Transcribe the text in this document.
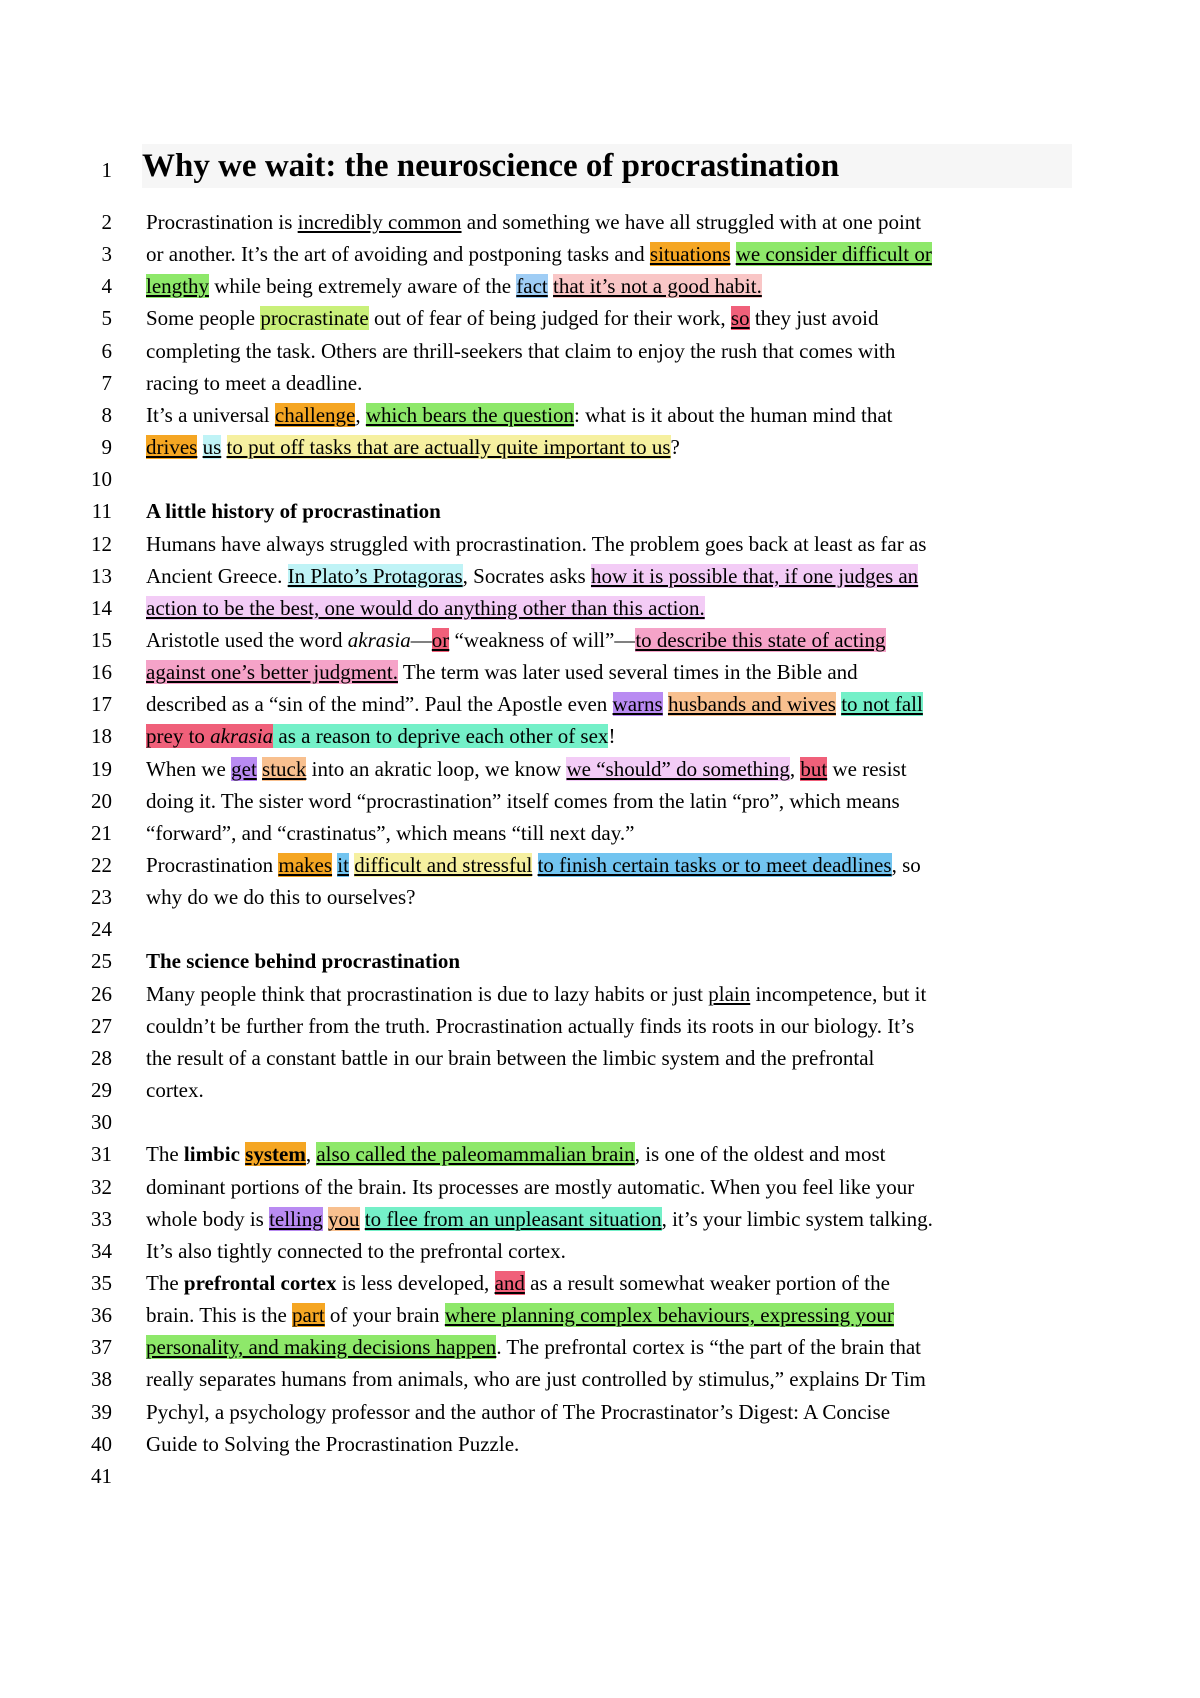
1 Why we wait: the neuroscience of procrastination
2 Procrastination is incredibly common and something we have all struggled with at one point
3 or another. It’s the art of avoiding and postponing tasks and situations we consider difficult or
4 lengthy while being extremely aware of the fact that it’s not a good habit.
5 Some people procrastinate out of fear of being judged for their work, so they just avoid
6 completing the task. Others are thrill-seekers that claim to enjoy the rush that comes with
7 racing to meet a deadline.
8 It’s a universal challenge, which bears the question: what is it about the human mind that
9 drives us to put off tasks that are actually quite important to us?
10
11 A little history of procrastination
12 Humans have always struggled with procrastination. The problem goes back at least as far as
13 Ancient Greece. In Plato’s Protagoras, Socrates asks how it is possible that, if one judges an
14 action to be the best, one would do anything other than this action.
15 Aristotle used the word akrasia—or “weakness of will”—to describe this state of acting
16 against one’s better judgment. The term was later used several times in the Bible and
17 described as a “sin of the mind”. Paul the Apostle even warns husbands and wives to not fall
18 prey to akrasia as a reason to deprive each other of sex!
19 When we get stuck into an akratic loop, we know we “should” do something, but we resist
20 doing it. The sister word “procrastination” itself comes from the latin “pro”, which means
21 “forward”, and “crastinatus”, which means “till next day.”
22 Procrastination makes it difficult and stressful to finish certain tasks or to meet deadlines, so
23 why do we do this to ourselves?
24
25 The science behind procrastination
26 Many people think that procrastination is due to lazy habits or just plain incompetence, but it
27 couldn’t be further from the truth. Procrastination actually finds its roots in our biology. It’s
28 the result of a constant battle in our brain between the limbic system and the prefrontal
29 cortex.
30
31 The limbic system, also called the paleomammalian brain, is one of the oldest and most
32 dominant portions of the brain. Its processes are mostly automatic. When you feel like your
33 whole body is telling you to flee from an unpleasant situation, it’s your limbic system talking.
34 It’s also tightly connected to the prefrontal cortex.
35 The prefrontal cortex is less developed, and as a result somewhat weaker portion of the
36 brain. This is the part of your brain where planning complex behaviours, expressing your
37 personality, and making decisions happen. The prefrontal cortex is “the part of the brain that
38 really separates humans from animals, who are just controlled by stimulus,” explains Dr Tim
39 Pychyl, a psychology professor and the author of The Procrastinator’s Digest: A Concise
40 Guide to Solving the Procrastination Puzzle.
41
